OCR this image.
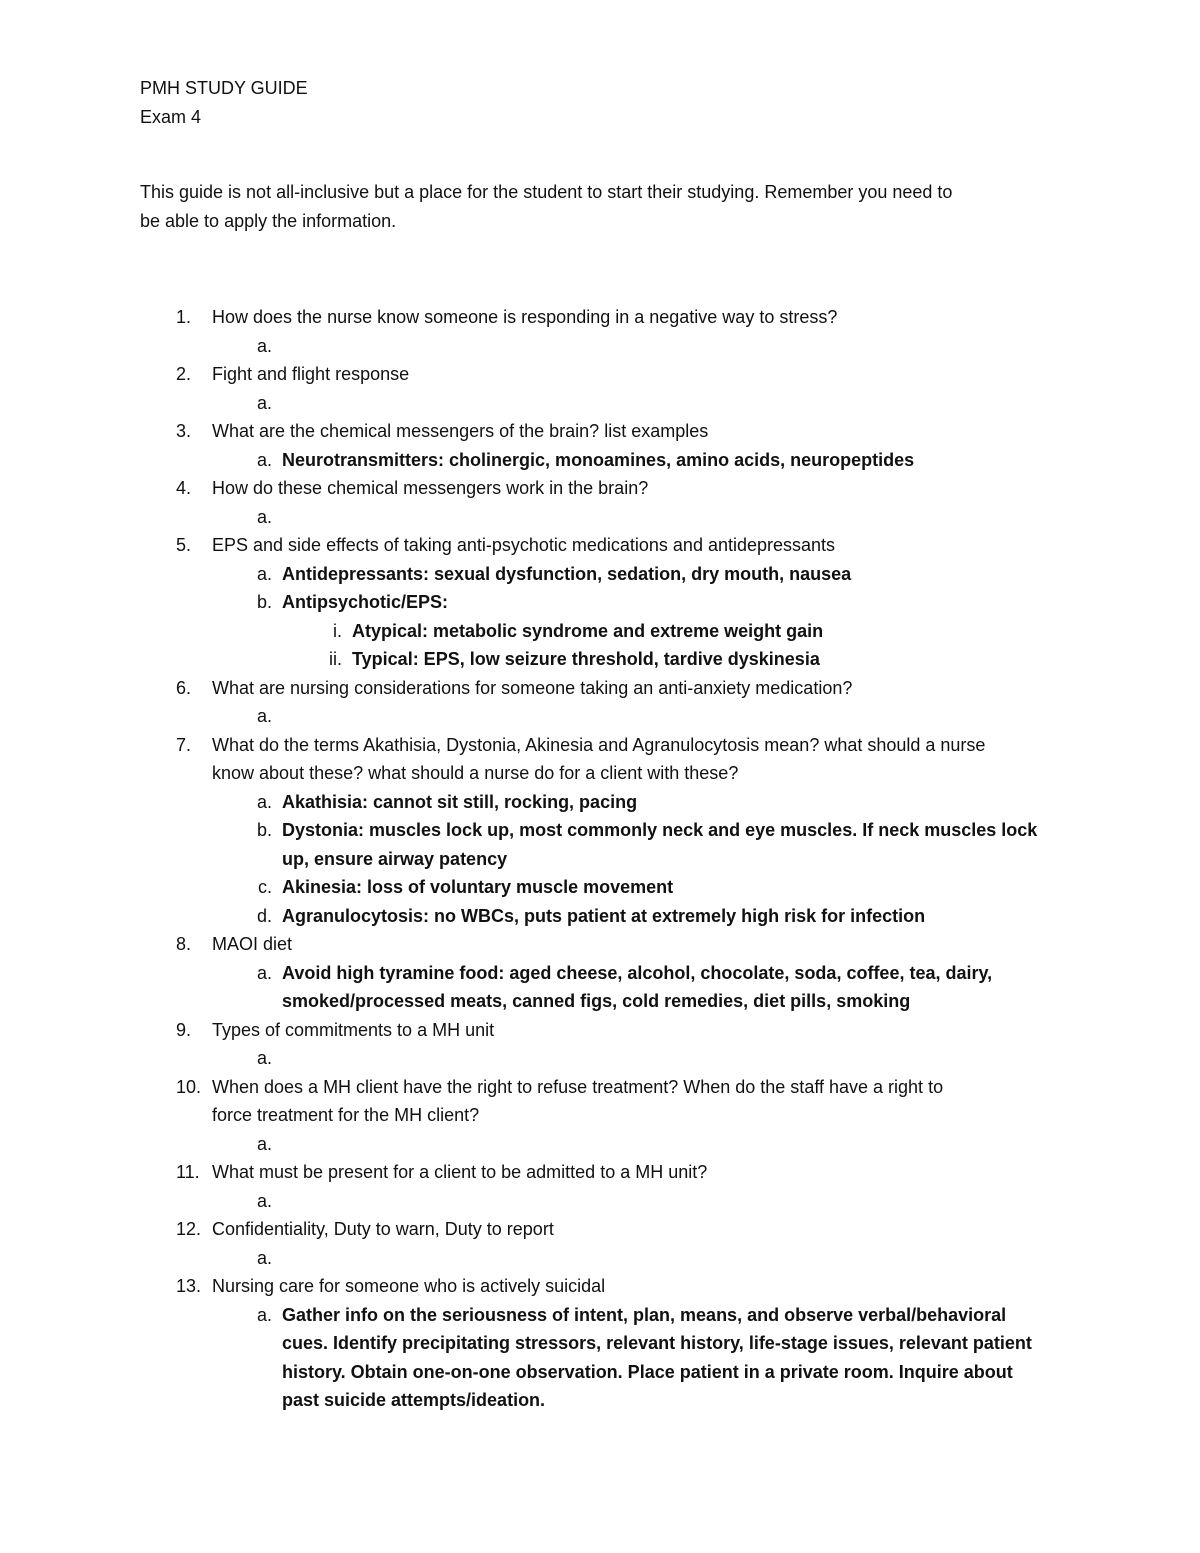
PMH STUDY GUIDE
Exam 4
This guide is not all-inclusive but a place for the student to start their studying. Remember you need to
be able to apply the information.
1.	How does the nurse know someone is responding in a negative way to stress?
a.
2.	Fight and flight response
a.
3.	What are the chemical messengers of the brain? list examples
a. Neurotransmitters: cholinergic, monoamines, amino acids, neuropeptides
4.	How do these chemical messengers work in the brain?
a.
5.	EPS and side effects of taking anti-psychotic medications and antidepressants
a. Antidepressants: sexual dysfunction, sedation, dry mouth, nausea
b. Antipsychotic/EPS:
i. Atypical: metabolic syndrome and extreme weight gain
ii. Typical: EPS, low seizure threshold, tardive dyskinesia
6.	What are nursing considerations for someone taking an anti-anxiety medication?
a.
7.	What do the terms Akathisia, Dystonia, Akinesia and Agranulocytosis mean? what should a nurse
know about these? what should a nurse do for a client with these?
a. Akathisia: cannot sit still, rocking, pacing
b. Dystonia: muscles lock up, most commonly neck and eye muscles. If neck muscles lock
up, ensure airway patency
c. Akinesia: loss of voluntary muscle movement
d. Agranulocytosis: no WBCs, puts patient at extremely high risk for infection
8.	MAOI diet
a. Avoid high tyramine food: aged cheese, alcohol, chocolate, soda, coffee, tea, dairy,
smoked/processed meats, canned figs, cold remedies, diet pills, smoking
9.	Types of commitments to a MH unit
a.
10. When does a MH client have the right to refuse treatment? When do the staff have a right to
force treatment for the MH client?
a.
11. What must be present for a client to be admitted to a MH unit?
a.
12. Confidentiality, Duty to warn, Duty to report
a.
13. Nursing care for someone who is actively suicidal
a. Gather info on the seriousness of intent, plan, means, and observe verbal/behavioral
cues. Identify precipitating stressors, relevant history, life-stage issues, relevant patient
history. Obtain one-on-one observation. Place patient in a private room. Inquire about
past suicide attempts/ideation.
